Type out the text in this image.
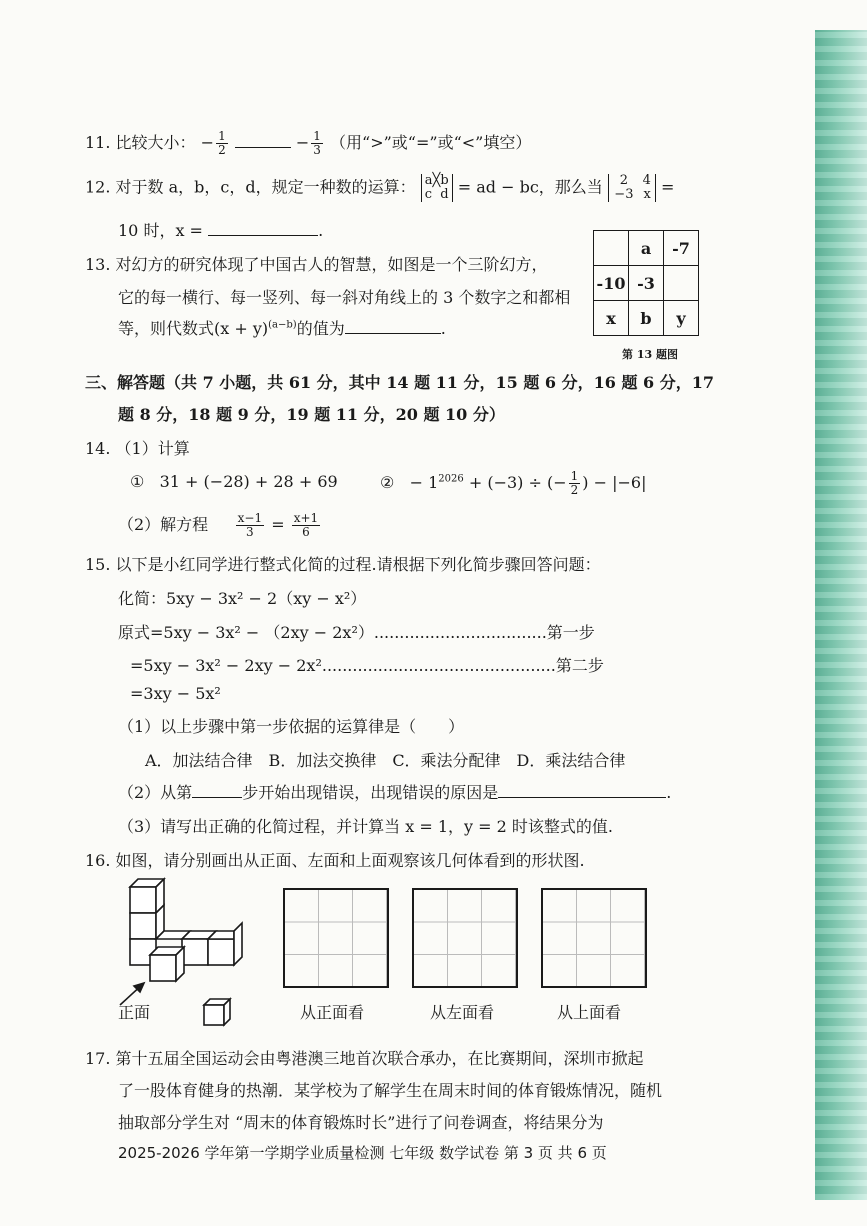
11. 比较大小： − $\frac{1}{2}$	− $\frac{1}{3}$ （用“>”或“=”或“<”填空）
12. 对于数 a，b，c，d，规定一种数的运算： a╳b
c d = ad − bc，那么当 2 4
−3 x =
10 时，x =	.
13. 对幻方的研究体现了中国古人的智慧，如图是一个三阶幻方，
它的每一横行、每一竖列、每一斜对角线上的 3 个数字之和都相
等，则代数式$(x + y)^{(a-b)}$的值为	.
	a	-7
-10	-3	
x	b	y
第 13 题图
三、解答题（共 7 小题，共 61 分，其中 14 题 11 分，15 题 6 分，16 题 6 分，17
题 8 分，18 题 9 分，19 题 11 分，20 题 10 分）
14. （1）计算
① 31 + (−28) + 28 + 69	② − $1^{2026} + (-3)$ ÷ (− $\frac{1}{2}$ ) − |−6|
（2）解方程 $\frac{x-1}{3} = \frac{x+1}{6}$
15. 以下是小红同学进行整式化简的过程.请根据下列化简步骤回答问题：
化简：5xy − 3x² − 2（xy − x²）
原式=5xy − 3x² − （2xy − 2x²）..................................第一步
=5xy − 3x² − 2xy − 2x²..............................................第二步
=3xy − 5x²
（1）以上步骤中第一步依据的运算律是（　　）
A．加法结合律　B．加法交换律　C．乘法分配律　D．乘法结合律
（2）从第	步开始出现错误，出现错误的原因是	.
（3）请写出正确的化简过程，并计算当 x = 1，y = 2 时该整式的值.
16. 如图，请分别画出从正面、左面和上面观察该几何体看到的形状图.
正面	从正面看	从左面看	从上面看
17. 第十五届全国运动会由粤港澳三地首次联合承办，在比赛期间，深圳市掀起
了一股体育健身的热潮．某学校为了解学生在周末时间的体育锻炼情况，随机
抽取部分学生对 “周末的体育锻炼时长”进行了问卷调查，将结果分为
2025-2026 学年第一学期学业质量检测 七年级 数学试卷 第 3 页 共 6 页
